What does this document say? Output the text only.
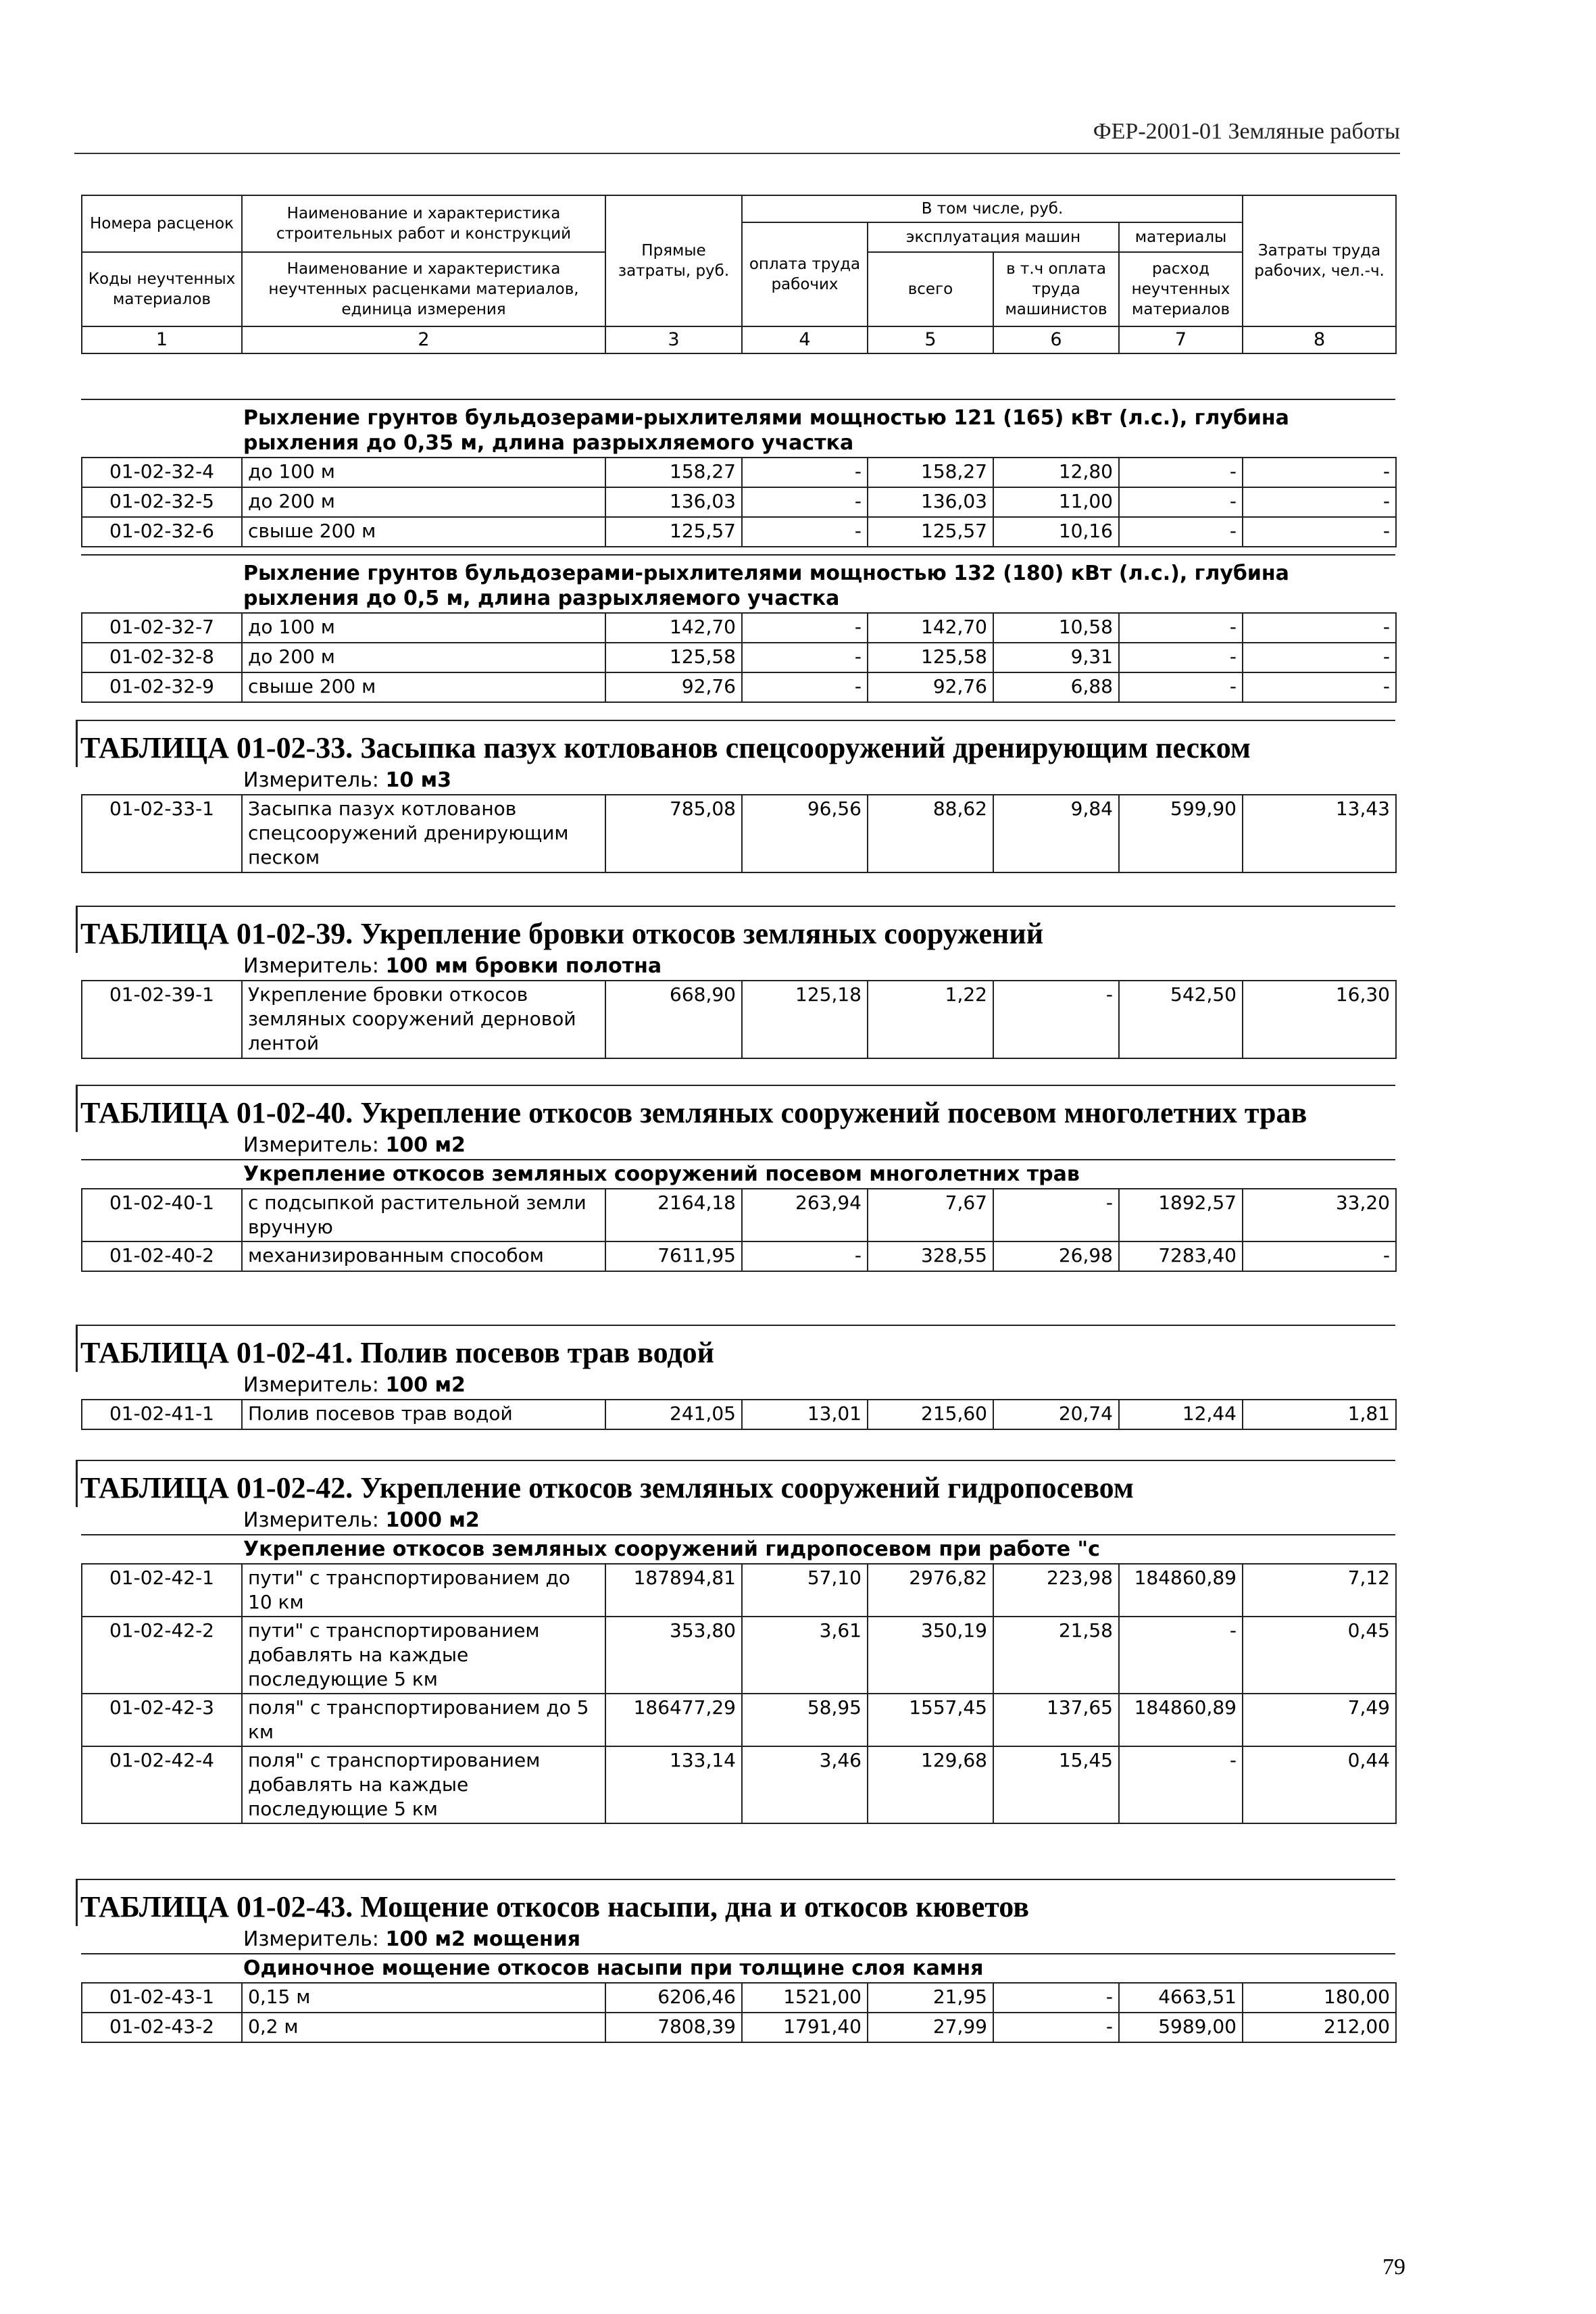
ФЕР-2001-01 Земляные работы
Номера расценок	Наименование и характеристика строительных работ и конструкций	Прямые затраты, руб.	В том числе, руб.				Затраты труда рабочих, чел.-ч.
			оплата труда рабочих	эксплуатация машин		материалы	
Коды неучтенных материалов	Наименование и характеристика неучтенных расценками материалов, единица измерения			всего	в т.ч оплата труда машинистов	расход неучтенных материалов	

1	2	3	4	5	6	7	8
Рыхление грунтов бульдозерами-рыхлителями мощностью 121 (165) кВт (л.с.), глубина рыхления до 0,35 м, длина разрыхляемого участка
01-02-32-4	до 100 м	158,27	-	158,27	12,80	-	-
01-02-32-5	до 200 м	136,03	-	136,03	11,00	-	-
01-02-32-6	свыше 200 м	125,57	-	125,57	10,16	-	-
Рыхление грунтов бульдозерами-рыхлителями мощностью 132 (180) кВт (л.с.), глубина рыхления до 0,5 м, длина разрыхляемого участка
01-02-32-7	до 100 м	142,70	-	142,70	10,58	-	-
01-02-32-8	до 200 м	125,58	-	125,58	9,31	-	-
01-02-32-9	свыше 200 м	92,76	-	92,76	6,88	-	-
ТАБЛИЦА 01-02-33. Засыпка пазух котлованов спецсооружений дренирующим песком
Измеритель: 10 м3
01-02-33-1	Засыпка пазух котлованов спецсооружений дренирующим песком	785,08	96,56	88,62	9,84	599,90	13,43
ТАБЛИЦА 01-02-39. Укрепление бровки откосов земляных сооружений
Измеритель: 100 мм бровки полотна
01-02-39-1	Укрепление бровки откосов земляных сооружений дерновой лентой	668,90	125,18	1,22	-	542,50	16,30
ТАБЛИЦА 01-02-40. Укрепление откосов земляных сооружений посевом многолетних трав
Измеритель: 100 м2
Укрепление откосов земляных сооружений посевом многолетних трав
01-02-40-1	с подсыпкой растительной земли вручную	2164,18	263,94	7,67	-	1892,57	33,20
01-02-40-2	механизированным способом	7611,95	-	328,55	26,98	7283,40	-
ТАБЛИЦА 01-02-41. Полив посевов трав водой
Измеритель: 100 м2
01-02-41-1	Полив посевов трав водой	241,05	13,01	215,60	20,74	12,44	1,81
ТАБЛИЦА 01-02-42. Укрепление откосов земляных сооружений гидропосевом
Измеритель: 1000 м2
Укрепление откосов земляных сооружений гидропосевом при работе "с
01-02-42-1	пути" с транспортированием до 10 км	187894,81	57,10	2976,82	223,98	184860,89	7,12
01-02-42-2	пути" с транспортированием добавлять на каждые последующие 5 км	353,80	3,61	350,19	21,58	-	0,45
01-02-42-3	поля" с транспортированием до 5 км	186477,29	58,95	1557,45	137,65	184860,89	7,49
01-02-42-4	поля" с транспортированием добавлять на каждые последующие 5 км	133,14	3,46	129,68	15,45	-	0,44
ТАБЛИЦА 01-02-43. Мощение откосов насыпи, дна и откосов кюветов
Измеритель: 100 м2 мощения
Одиночное мощение откосов насыпи при толщине слоя камня
01-02-43-1	0,15 м	6206,46	1521,00	21,95	-	4663,51	180,00
01-02-43-2	0,2 м	7808,39	1791,40	27,99	-	5989,00	212,00
79
